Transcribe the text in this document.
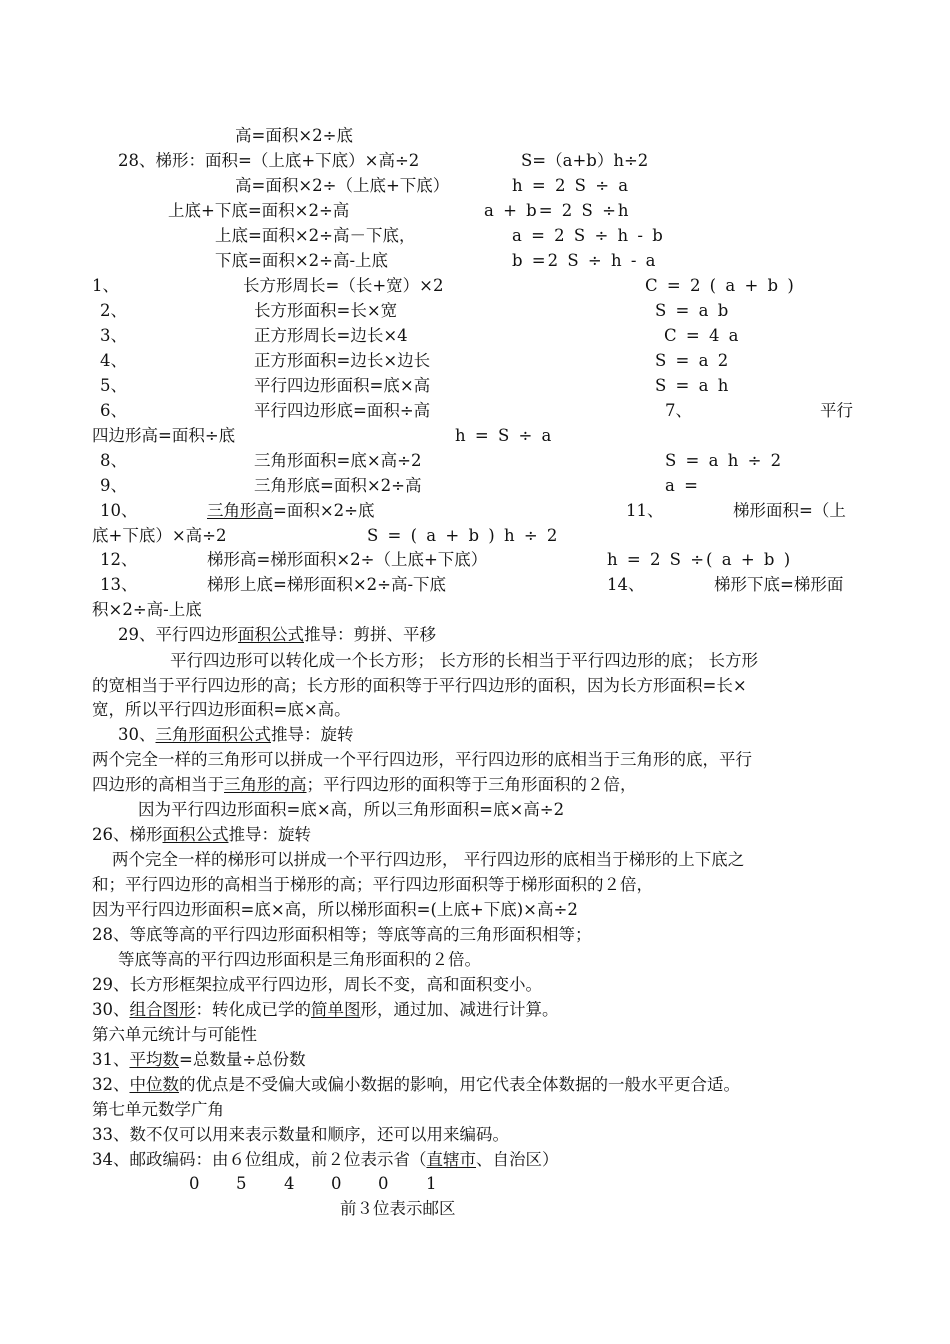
高=面积×2÷底
28、梯形：面积=（上底+下底）×高÷2	S=（a+b）h÷2
高=面积×2÷（上底+下底）	h = 2 S ÷ a
上底+下底=面积×2÷高	a + b= 2 S ÷h
上底=面积×2÷高－下底，	a = 2 S ÷ h - b
下底=面积×2÷高-上底	b =2 S ÷ h - a
1、	长方形周长=（长+宽）×2	C = 2 ( a + b )
2、	长方形面积=长×宽	S = a b
3、	正方形周长=边长×4	C = 4 a
4、	正方形面积=边长×边长	S = a 2
5、	平行四边形面积=底×高	S = a h
6、	平行四边形底=面积÷高	7、	平行
四边形高=面积÷底	h = S ÷ a
8、	三角形面积=底×高÷2	S = a h ÷ 2
9、	三角形底=面积×2÷高	a =
10、	三角形高=面积×2÷底	11、	梯形面积=（上
底+下底）×高÷2	S = ( a + b ) h ÷ 2
12、	梯形高=梯形面积×2÷（上底+下底）	h = 2 S ÷( a + b )
13、	梯形上底=梯形面积×2÷高-下底	14、	梯形下底=梯形面
积×2÷高-上底
29、平行四边形面积公式推导：剪拼、平移
平行四边形可以转化成一个长方形； 长方形的长相当于平行四边形的底； 长方形
的宽相当于平行四边形的高；长方形的面积等于平行四边形的面积，因为长方形面积=长×
宽，所以平行四边形面积=底×高。
30、三角形面积公式推导：旋转
两个完全一样的三角形可以拼成一个平行四边形，平行四边形的底相当于三角形的底，平行
四边形的高相当于三角形的高；平行四边形的面积等于三角形面积的２倍，
因为平行四边形面积=底×高，所以三角形面积=底×高÷2
26、梯形面积公式推导：旋转
两个完全一样的梯形可以拼成一个平行四边形， 平行四边形的底相当于梯形的上下底之
和；平行四边形的高相当于梯形的高；平行四边形面积等于梯形面积的２倍，
因为平行四边形面积=底×高，所以梯形面积=(上底+下底)×高÷2
28、等底等高的平行四边形面积相等；等底等高的三角形面积相等；
等底等高的平行四边形面积是三角形面积的２倍。
29、长方形框架拉成平行四边形，周长不变，高和面积变小。
30、组合图形：转化成已学的简单图形，通过加、减进行计算。
第六单元统计与可能性
31、平均数=总数量÷总份数
32、中位数的优点是不受偏大或偏小数据的影响，用它代表全体数据的一般水平更合适。
第七单元数学广角
33、数不仅可以用来表示数量和顺序，还可以用来编码。
34、邮政编码：由６位组成，前２位表示省（直辖市、自治区）
0 5 4 0 0 1
前３位表示邮区
